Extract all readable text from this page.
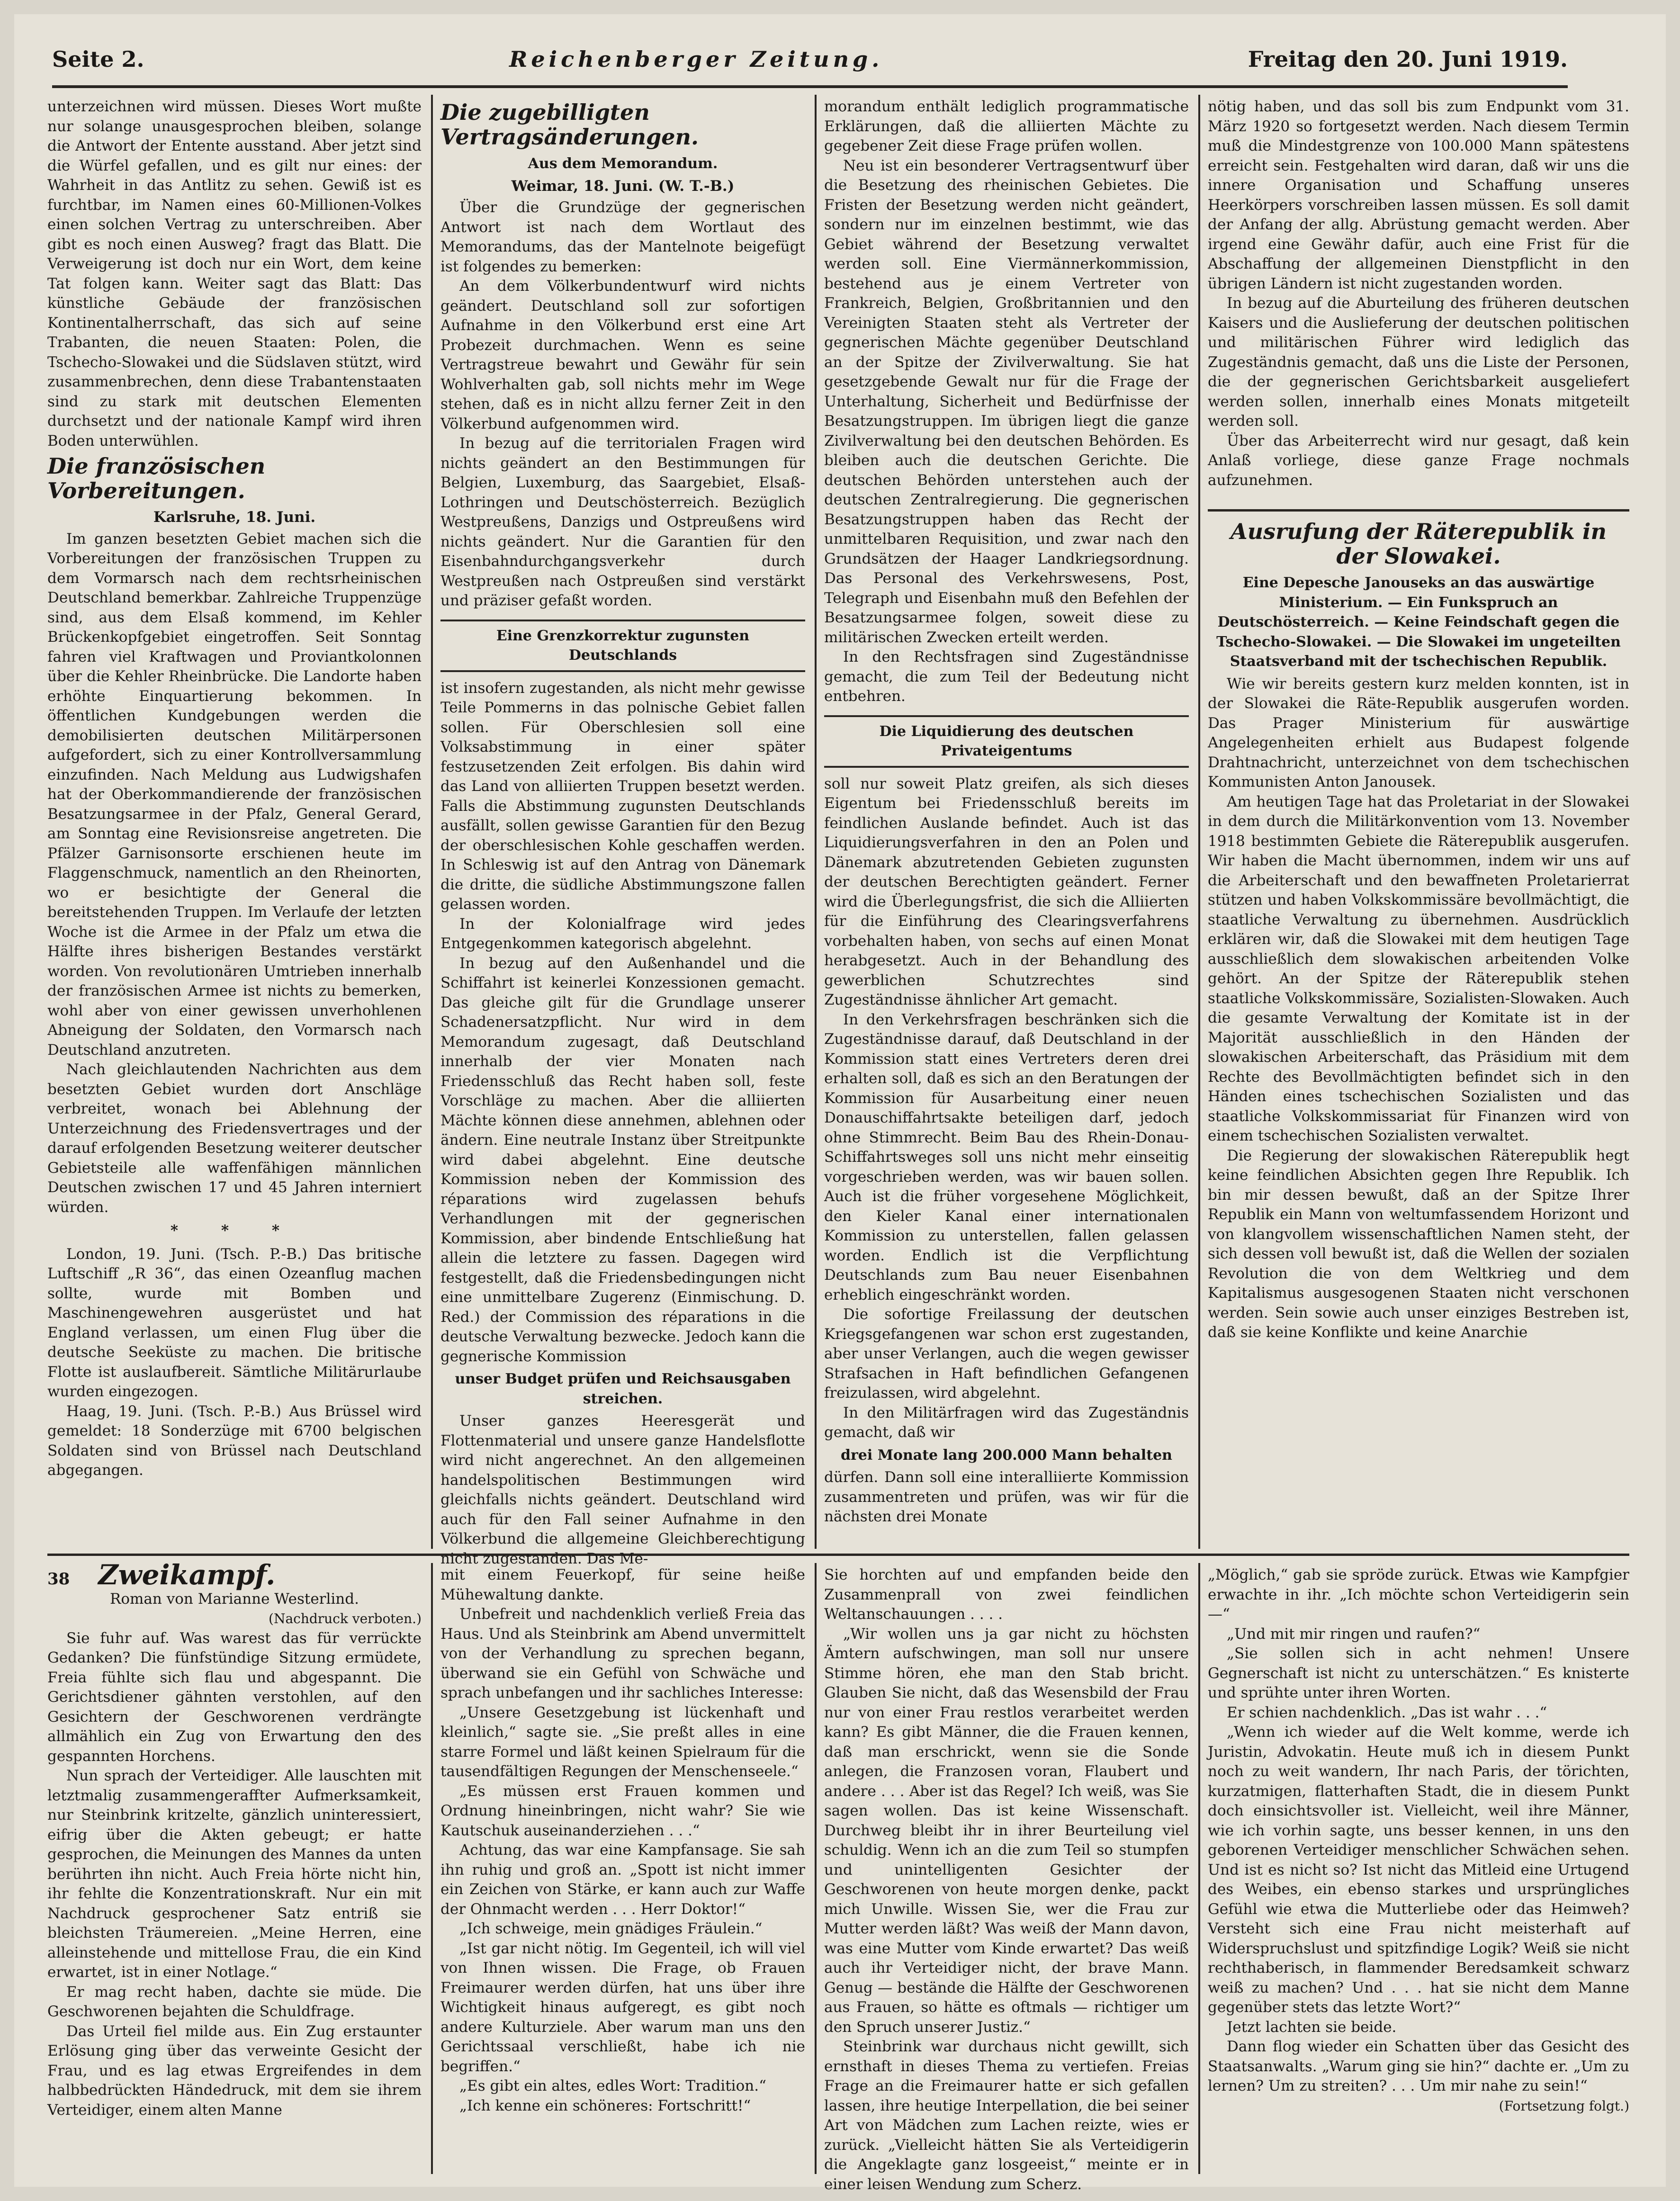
Seite 2.	Reichenberger Zeitung.	Freitag den 20. Juni 1919.

unterzeichnen wird müssen. Dieses Wort mußte nur solange unausgesprochen bleiben, solange die Antwort der Entente ausstand. Aber jetzt sind die Würfel gefallen, und es gilt nur eines: der Wahrheit in das Antlitz zu sehen. Gewiß ist es furchtbar, im Namen eines 60-Millionen-Volkes einen solchen Vertrag zu unterschreiben. Aber gibt es noch einen Ausweg? fragt das Blatt. Die Verweigerung ist doch nur ein Wort, dem keine Tat folgen kann. Weiter sagt das Blatt: Das künstliche Gebäude der französischen Kontinentalherrschaft, das sich auf seine Trabanten, die neuen Staaten: Polen, die Tschecho-Slowakei und die Südslaven stützt, wird zusammenbrechen, denn diese Trabantenstaaten sind zu stark mit deutschen Elementen durchsetzt und der nationale Kampf wird ihren Boden unterwühlen.

Die französischen Vorbereitungen.
Karlsruhe, 18. Juni.

Im ganzen besetzten Gebiet machen sich die Vorbereitungen der französischen Truppen zu dem Vormarsch nach dem rechtsrheinischen Deutschland bemerkbar. Zahlreiche Truppenzüge sind, aus dem Elsaß kommend, im Kehler Brückenkopfgebiet eingetroffen. Seit Sonntag fahren viel Kraftwagen und Proviantkolonnen über die Kehler Rheinbrücke. Die Landorte haben erhöhte Einquartierung bekommen. In öffentlichen Kundgebungen werden die demobilisierten deutschen Militärpersonen aufgefordert, sich zu einer Kontrollversammlung einzufinden. Nach Meldung aus Ludwigshafen hat der Oberkommandierende der französischen Besatzungsarmee in der Pfalz, General Gerard, am Sonntag eine Revisionsreise angetreten. Die Pfälzer Garnisonsorte erschienen heute im Flaggenschmuck, namentlich an den Rheinorten, wo er besichtigte der General die bereitstehenden Truppen. Im Verlaufe der letzten Woche ist die Armee in der Pfalz um etwa die Hälfte ihres bisherigen Bestandes verstärkt worden. Von revolutionären Umtrieben innerhalb der französischen Armee ist nichts zu bemerken, wohl aber von einer gewissen unverhohlenen Abneigung der Soldaten, den Vormarsch nach Deutschland anzutreten.

Nach gleichlautenden Nachrichten aus dem besetzten Gebiet wurden dort Anschläge verbreitet, wonach bei Ablehnung der Unterzeichnung des Friedensvertrages und der darauf erfolgenden Besetzung weiterer deutscher Gebietsteile alle waffenfähigen männlichen Deutschen zwischen 17 und 45 Jahren interniert würden.

* * *

London, 19. Juni. (Tsch. P.-B.) Das britische Luftschiff „R 36“, das einen Ozeanflug machen sollte, wurde mit Bomben und Maschinengewehren ausgerüstet und hat England verlassen, um einen Flug über die deutsche Seeküste zu machen. Die britische Flotte ist auslaufbereit. Sämtliche Militärurlaube wurden eingezogen.

Haag, 19. Juni. (Tsch. P.-B.) Aus Brüssel wird gemeldet: 18 Sonderzüge mit 6700 belgischen Soldaten sind von Brüssel nach Deutschland abgegangen.

Die zugebilligten Vertragsänderungen.
Aus dem Memorandum.
Weimar, 18. Juni. (W. T.-B.)

Über die Grundzüge der gegnerischen Antwort ist nach dem Wortlaut des Memorandums, das der Mantelnote beigefügt ist folgendes zu bemerken:

An dem Völkerbundentwurf wird nichts geändert. Deutschland soll zur sofortigen Aufnahme in den Völkerbund erst eine Art Probezeit durchmachen. Wenn es seine Vertragstreue bewahrt und Gewähr für sein Wohlverhalten gab, soll nichts mehr im Wege stehen, daß es in nicht allzu ferner Zeit in den Völkerbund aufgenommen wird.

In bezug auf die territorialen Fragen wird nichts geändert an den Bestimmungen für Belgien, Luxemburg, das Saargebiet, Elsaß-Lothringen und Deutschösterreich. Bezüglich Westpreußens, Danzigs und Ostpreußens wird nichts geändert. Nur die Garantien für den Eisenbahndurchgangsverkehr durch Westpreußen nach Ostpreußen sind verstärkt und präziser gefaßt worden.

Eine Grenzkorrektur zugunsten Deutschlands

ist insofern zugestanden, als nicht mehr gewisse Teile Pommerns in das polnische Gebiet fallen sollen. Für Oberschlesien soll eine Volksabstimmung in einer später festzusetzenden Zeit erfolgen. Bis dahin wird das Land von alliierten Truppen besetzt werden. Falls die Abstimmung zugunsten Deutschlands ausfällt, sollen gewisse Garantien für den Bezug der oberschlesischen Kohle geschaffen werden. In Schleswig ist auf den Antrag von Dänemark die dritte, die südliche Abstimmungszone fallen gelassen worden.

In der Kolonialfrage wird jedes Entgegenkommen kategorisch abgelehnt.

In bezug auf den Außenhandel und die Schiffahrt ist keinerlei Konzessionen gemacht. Das gleiche gilt für die Grundlage unserer Schadenersatzpflicht. Nur wird in dem Memorandum zugesagt, daß Deutschland innerhalb der vier Monaten nach Friedensschluß das Recht haben soll, feste Vorschläge zu machen. Aber die alliierten Mächte können diese annehmen, ablehnen oder ändern. Eine neutrale Instanz über Streitpunkte wird dabei abgelehnt. Eine deutsche Kommission neben der Kommission des réparations wird zugelassen behufs Verhandlungen mit der gegnerischen Kommission, aber bindende Entschließung hat allein die letztere zu fassen. Dagegen wird festgestellt, daß die Friedensbedingungen nicht eine unmittelbare Zugerenz (Einmischung. D. Red.) der Commission des réparations in die deutsche Verwaltung bezwecke. Jedoch kann die gegnerische Kommission

unser Budget prüfen und Reichsausgaben streichen.

Unser ganzes Heeresgerät und Flottenmaterial und unsere ganze Handelsflotte wird nicht angerechnet. An den allgemeinen handelspolitischen Bestimmungen wird gleichfalls nichts geändert. Deutschland wird auch für den Fall seiner Aufnahme in den Völkerbund die allgemeine Gleichberechtigung nicht zugestanden. Das Me-

morandum enthält lediglich programmatische Erklärungen, daß die alliierten Mächte zu gegebener Zeit diese Frage prüfen wollen.

Neu ist ein besonderer Vertragsentwurf über die Besetzung des rheinischen Gebietes. Die Fristen der Besetzung werden nicht geändert, sondern nur im einzelnen bestimmt, wie das Gebiet während der Besetzung verwaltet werden soll. Eine Viermännerkommission, bestehend aus je einem Vertreter von Frankreich, Belgien, Großbritannien und den Vereinigten Staaten steht als Vertreter der gegnerischen Mächte gegenüber Deutschland an der Spitze der Zivilverwaltung. Sie hat gesetzgebende Gewalt nur für die Frage der Unterhaltung, Sicherheit und Bedürfnisse der Besatzungstruppen. Im übrigen liegt die ganze Zivilverwaltung bei den deutschen Behörden. Es bleiben auch die deutschen Gerichte. Die deutschen Behörden unterstehen auch der deutschen Zentralregierung. Die gegnerischen Besatzungstruppen haben das Recht der unmittelbaren Requisition, und zwar nach den Grundsätzen der Haager Landkriegsordnung. Das Personal des Verkehrswesens, Post, Telegraph und Eisenbahn muß den Befehlen der Besatzungsarmee folgen, soweit diese zu militärischen Zwecken erteilt werden.

In den Rechtsfragen sind Zugeständnisse gemacht, die zum Teil der Bedeutung nicht entbehren.

Die Liquidierung des deutschen Privateigentums

soll nur soweit Platz greifen, als sich dieses Eigentum bei Friedensschluß bereits im feindlichen Auslande befindet. Auch ist das Liquidierungsverfahren in den an Polen und Dänemark abzutretenden Gebieten zugunsten der deutschen Berechtigten geändert. Ferner wird die Überlegungsfrist, die sich die Alliierten für die Einführung des Clearingsverfahrens vorbehalten haben, von sechs auf einen Monat herabgesetzt. Auch in der Behandlung des gewerblichen Schutzrechtes sind Zugeständnisse ähnlicher Art gemacht.

In den Verkehrsfragen beschränken sich die Zugeständnisse darauf, daß Deutschland in der Kommission statt eines Vertreters deren drei erhalten soll, daß es sich an den Beratungen der Kommission für Ausarbeitung einer neuen Donauschiffahrtsakte beteiligen darf, jedoch ohne Stimmrecht. Beim Bau des Rhein-Donau-Schiffahrtsweges soll uns nicht mehr einseitig vorgeschrieben werden, was wir bauen sollen. Auch ist die früher vorgesehene Möglichkeit, den Kieler Kanal einer internationalen Kommission zu unterstellen, fallen gelassen worden. Endlich ist die Verpflichtung Deutschlands zum Bau neuer Eisenbahnen erheblich eingeschränkt worden.

Die sofortige Freilassung der deutschen Kriegsgefangenen war schon erst zugestanden, aber unser Verlangen, auch die wegen gewisser Strafsachen in Haft befindlichen Gefangenen freizulassen, wird abgelehnt.

In den Militärfragen wird das Zugeständnis gemacht, daß wir

drei Monate lang 200.000 Mann behalten

dürfen. Dann soll eine interalliierte Kommission zusammentreten und prüfen, was wir für die nächsten drei Monate

nötig haben, und das soll bis zum Endpunkt vom 31. März 1920 so fortgesetzt werden. Nach diesem Termin muß die Mindestgrenze von 100.000 Mann spätestens erreicht sein. Festgehalten wird daran, daß wir uns die innere Organisation und Schaffung unseres Heerkörpers vorschreiben lassen müssen. Es soll damit der Anfang der allg. Abrüstung gemacht werden. Aber irgend eine Gewähr dafür, auch eine Frist für die Abschaffung der allgemeinen Dienstpflicht in den übrigen Ländern ist nicht zugestanden worden.

In bezug auf die Aburteilung des früheren deutschen Kaisers und die Auslieferung der deutschen politischen und militärischen Führer wird lediglich das Zugeständnis gemacht, daß uns die Liste der Personen, die der gegnerischen Gerichtsbarkeit ausgeliefert werden sollen, innerhalb eines Monats mitgeteilt werden soll.

Über das Arbeiterrecht wird nur gesagt, daß kein Anlaß vorliege, diese ganze Frage nochmals aufzunehmen.

Ausrufung der Räterepublik in der Slowakei.
Eine Depesche Janouseks an das auswärtige Ministerium. — Ein Funkspruch an Deutschösterreich. — Keine Feindschaft gegen die Tschecho-Slowakei. — Die Slowakei im ungeteilten Staatsverband mit der tschechischen Republik.

Wie wir bereits gestern kurz melden konnten, ist in der Slowakei die Räte-Republik ausgerufen worden. Das Prager Ministerium für auswärtige Angelegenheiten erhielt aus Budapest folgende Drahtnachricht, unterzeichnet von dem tschechischen Kommunisten Anton Janousek.

Am heutigen Tage hat das Proletariat in der Slowakei in dem durch die Militärkonvention vom 13. November 1918 bestimmten Gebiete die Räterepublik ausgerufen. Wir haben die Macht übernommen, indem wir uns auf die Arbeiterschaft und den bewaffneten Proletarierrat stützen und haben Volkskommissäre bevollmächtigt, die staatliche Verwaltung zu übernehmen. Ausdrücklich erklären wir, daß die Slowakei mit dem heutigen Tage ausschließlich dem slowakischen arbeitenden Volke gehört. An der Spitze der Räterepublik stehen staatliche Volkskommissäre, Sozialisten-Slowaken. Auch die gesamte Verwaltung der Komitate ist in der Majorität ausschließlich in den Händen der slowakischen Arbeiterschaft, das Präsidium mit dem Rechte des Bevollmächtigten befindet sich in den Händen eines tschechischen Sozialisten und das staatliche Volkskommissariat für Finanzen wird von einem tschechischen Sozialisten verwaltet.

Die Regierung der slowakischen Räterepublik hegt keine feindlichen Absichten gegen Ihre Republik. Ich bin mir dessen bewußt, daß an der Spitze Ihrer Republik ein Mann von weltumfassendem Horizont und von klangvollem wissenschaftlichen Namen steht, der sich dessen voll bewußt ist, daß die Wellen der sozialen Revolution die von dem Weltkrieg und dem Kapitalismus ausgesogenen Staaten nicht verschonen werden. Sein sowie auch unser einziges Bestreben ist, daß sie keine Konflikte und keine Anarchie

38 Zweikampf.
Roman von Marianne Westerlind.
(Nachdruck verboten.)

Sie fuhr auf. Was warest das für verrückte Gedanken? Die fünfstündige Sitzung ermüdete, Freia fühlte sich flau und abgespannt. Die Gerichtsdiener gähnten verstohlen, auf den Gesichtern der Geschworenen verdrängte allmählich ein Zug von Erwartung den des gespannten Horchens.

Nun sprach der Verteidiger. Alle lauschten mit letztmalig zusammengeraffter Aufmerksamkeit, nur Steinbrink kritzelte, gänzlich uninteressiert, eifrig über die Akten gebeugt; er hatte gesprochen, die Meinungen des Mannes da unten berührten ihn nicht. Auch Freia hörte nicht hin, ihr fehlte die Konzentrationskraft. Nur ein mit Nachdruck gesprochener Satz entriß sie bleichsten Träumereien. „Meine Herren, eine alleinstehende und mittellose Frau, die ein Kind erwartet, ist in einer Notlage.“

Er mag recht haben, dachte sie müde. Die Geschworenen bejahten die Schuldfrage.

Das Urteil fiel milde aus. Ein Zug erstaunter Erlösung ging über das verweinte Gesicht der Frau, und es lag etwas Ergreifendes in dem halbbedrückten Händedruck, mit dem sie ihrem Verteidiger, einem alten Manne

mit einem Feuerkopf, für seine heiße Mühewaltung dankte.

Unbefreit und nachdenklich verließ Freia das Haus. Und als Steinbrink am Abend unvermittelt von der Verhandlung zu sprechen begann, überwand sie ein Gefühl von Schwäche und sprach unbefangen und ihr sachliches Interesse:

„Unsere Gesetzgebung ist lückenhaft und kleinlich,“ sagte sie. „Sie preßt alles in eine starre Formel und läßt keinen Spielraum für die tausendfältigen Regungen der Menschenseele.“

„Es müssen erst Frauen kommen und Ordnung hineinbringen, nicht wahr? Sie wie Kautschuk auseinanderziehen . . .“

Achtung, das war eine Kampfansage. Sie sah ihn ruhig und groß an. „Spott ist nicht immer ein Zeichen von Stärke, er kann auch zur Waffe der Ohnmacht werden . . . Herr Doktor!“

„Ich schweige, mein gnädiges Fräulein.“

„Ist gar nicht nötig. Im Gegenteil, ich will viel von Ihnen wissen. Die Frage, ob Frauen Freimaurer werden dürfen, hat uns über ihre Wichtigkeit hinaus aufgeregt, es gibt noch andere Kulturziele. Aber warum man uns den Gerichtssaal verschließt, habe ich nie begriffen.“

„Es gibt ein altes, edles Wort: Tradition.“

„Ich kenne ein schöneres: Fortschritt!“

Sie horchten auf und empfanden beide den Zusammenprall von zwei feindlichen Weltanschauungen . . . .

„Wir wollen uns ja gar nicht zu höchsten Ämtern aufschwingen, man soll nur unsere Stimme hören, ehe man den Stab bricht. Glauben Sie nicht, daß das Wesensbild der Frau nur von einer Frau restlos verarbeitet werden kann? Es gibt Männer, die die Frauen kennen, daß man erschrickt, wenn sie die Sonde anlegen, die Franzosen voran, Flaubert und andere . . . Aber ist das Regel? Ich weiß, was Sie sagen wollen. Das ist keine Wissenschaft. Durchweg bleibt ihr in ihrer Beurteilung viel schuldig. Wenn ich an die zum Teil so stumpfen und unintelligenten Gesichter der Geschworenen von heute morgen denke, packt mich Unwille. Wissen Sie, wer die Frau zur Mutter werden läßt? Was weiß der Mann davon, was eine Mutter vom Kinde erwartet? Das weiß auch ihr Verteidiger nicht, der brave Mann. Genug — bestände die Hälfte der Geschworenen aus Frauen, so hätte es oftmals — richtiger um den Spruch unserer Justiz.“

Steinbrink war durchaus nicht gewillt, sich ernsthaft in dieses Thema zu vertiefen. Freias Frage an die Freimaurer hatte er sich gefallen lassen, ihre heutige Interpellation, die bei seiner Art von Mädchen zum Lachen reizte, wies er zurück. „Vielleicht hätten Sie als Verteidigerin die Angeklagte ganz losgeeist,“ meinte er in einer leisen Wendung zum Scherz.

„Möglich,“ gab sie spröde zurück. Etwas wie Kampfgier erwachte in ihr. „Ich möchte schon Verteidigerin sein —“

„Und mit mir ringen und raufen?“

„Sie sollen sich in acht nehmen! Unsere Gegnerschaft ist nicht zu unterschätzen.“ Es knisterte und sprühte unter ihren Worten.

Er schien nachdenklich. „Das ist wahr . . .“

„Wenn ich wieder auf die Welt komme, werde ich Juristin, Advokatin. Heute muß ich in diesem Punkt noch zu weit wandern, Ihr nach Paris, der törichten, kurzatmigen, flatterhaften Stadt, die in diesem Punkt doch einsichtsvoller ist. Vielleicht, weil ihre Männer, wie ich vorhin sagte, uns besser kennen, in uns den geborenen Verteidiger menschlicher Schwächen sehen. Und ist es nicht so? Ist nicht das Mitleid eine Urtugend des Weibes, ein ebenso starkes und ursprüngliches Gefühl wie etwa die Mutterliebe oder das Heimweh? Versteht sich eine Frau nicht meisterhaft auf Widerspruchslust und spitzfindige Logik? Weiß sie nicht rechthaberisch, in flammender Beredsamkeit schwarz weiß zu machen? Und . . . hat sie nicht dem Manne gegenüber stets das letzte Wort?“

Jetzt lachten sie beide.

Dann flog wieder ein Schatten über das Gesicht des Staatsanwalts. „Warum ging sie hin?“ dachte er. „Um zu lernen? Um zu streiten? . . . Um mir nahe zu sein!“

(Fortsetzung folgt.)
